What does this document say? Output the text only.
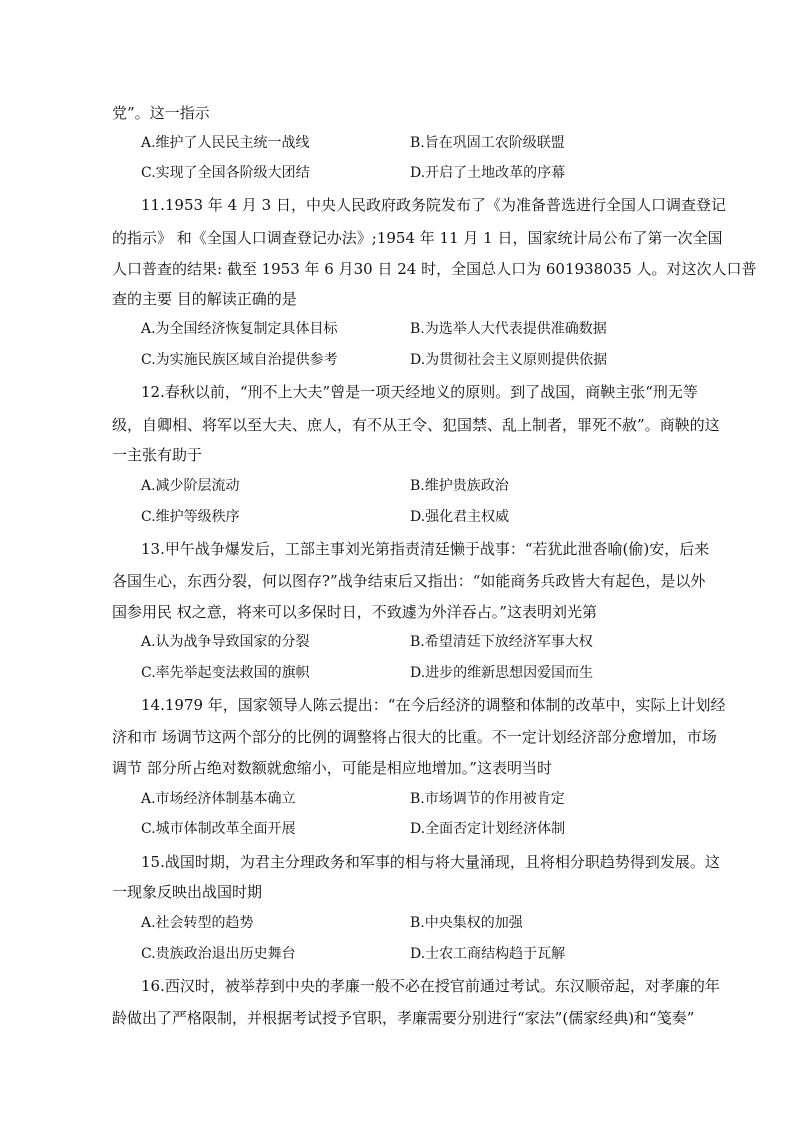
党”。这一指示
A.维护了人民民主统一战线	B.旨在巩固工农阶级联盟
C.实现了全国各阶级大团结	D.开启了土地改革的序幕
11.1953 年 4 月 3 日，中央人民政府政务院发布了《为准备普选进行全国人口调查登记
的指示》 和《全国人口调查登记办法》;1954 年 11 月 1 日，国家统计局公布了第一次全国
人口普查的结果: 截至 1953 年 6 月30 日 24 时，全国总人口为 601938035 人。对这次人口普
查的主要 目的解读正确的是
A.为全国经济恢复制定具体目标	B.为选举人大代表提供准确数据
C.为实施民族区域自治提供参考	D.为贯彻社会主义原则提供依据
12.春秋以前，“刑不上大夫”曾是一项天经地义的原则。到了战国，商鞅主张“刑无等
级，自卿相、将军以至大夫、庶人，有不从王令、犯国禁、乱上制者，罪死不赦”。商鞅的这
一主张有助于
A.减少阶层流动	B.维护贵族政治
C.维护等级秩序	D.强化君主权威
13.甲午战争爆发后，工部主事刘光第指责清廷懒于战事：“若犹此泄沓喻(偷)安，后来
各国生心，东西分裂，何以图存?”战争结束后又指出：“如能商务兵政皆大有起色，是以外
国参用民 权之意，将来可以多保时日，不致遽为外洋吞占。”这表明刘光第
A.认为战争导致国家的分裂	B.希望清廷下放经济军事大权
C.率先举起变法救国的旗帜	D.进步的维新思想因爱国而生
14.1979 年，国家领导人陈云提出：“在今后经济的调整和体制的改革中，实际上计划经
济和市 场调节这两个部分的比例的调整将占很大的比重。不一定计划经济部分愈增加，市场
调节 部分所占绝对数额就愈缩小，可能是相应地增加。”这表明当时
A.市场经济体制基本确立	B.市场调节的作用被肯定
C.城市体制改革全面开展	D.全面否定计划经济体制
15.战国时期，为君主分理政务和军事的相与将大量涌现，且将相分职趋势得到发展。这
一现象反映出战国时期
A.社会转型的趋势	B.中央集权的加强
C.贵族政治退出历史舞台	D.士农工商结构趋于瓦解
16.西汉时，被举荐到中央的孝廉一般不必在授官前通过考试。东汉顺帝起，对孝廉的年
龄做出了严格限制，并根据考试授予官职，孝廉需要分别进行“家法”(儒家经典)和“笺奏”
